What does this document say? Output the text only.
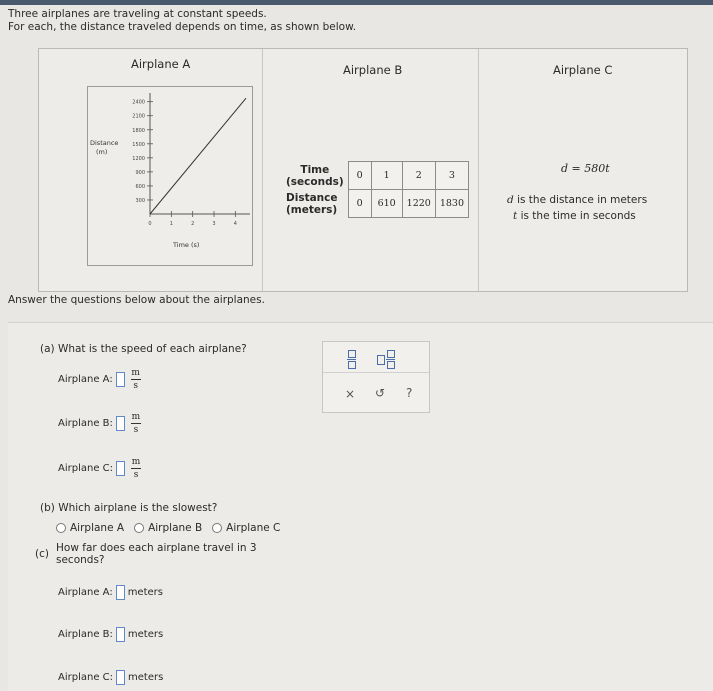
Three airplanes are traveling at constant speeds.
For each, the distance traveled depends on time, as shown below.
Airplane A	Airplane B	Airplane C
Distance
(m)
Time (s)
300
600
900
1200
1500
1800
2100
2400
0	1	2	3	4
Time
(seconds)	0	1	2	3

Distance
(meters)	0	610	1220	1830
d = 580t
d is the distance in meters
t is the time in seconds
Answer the questions below about the airplanes.
(a) What is the speed of each airplane?
Airplane A: $\frac{m}{s}$
Airplane B: $\frac{m}{s}$
Airplane C: $\frac{m}{s}$
× ↺ ?
(b) Which airplane is the slowest?
Airplane A Airplane B Airplane C
(c) How far does each airplane travel in 3
seconds?
Airplane A: meters
Airplane B: meters
Airplane C: meters
